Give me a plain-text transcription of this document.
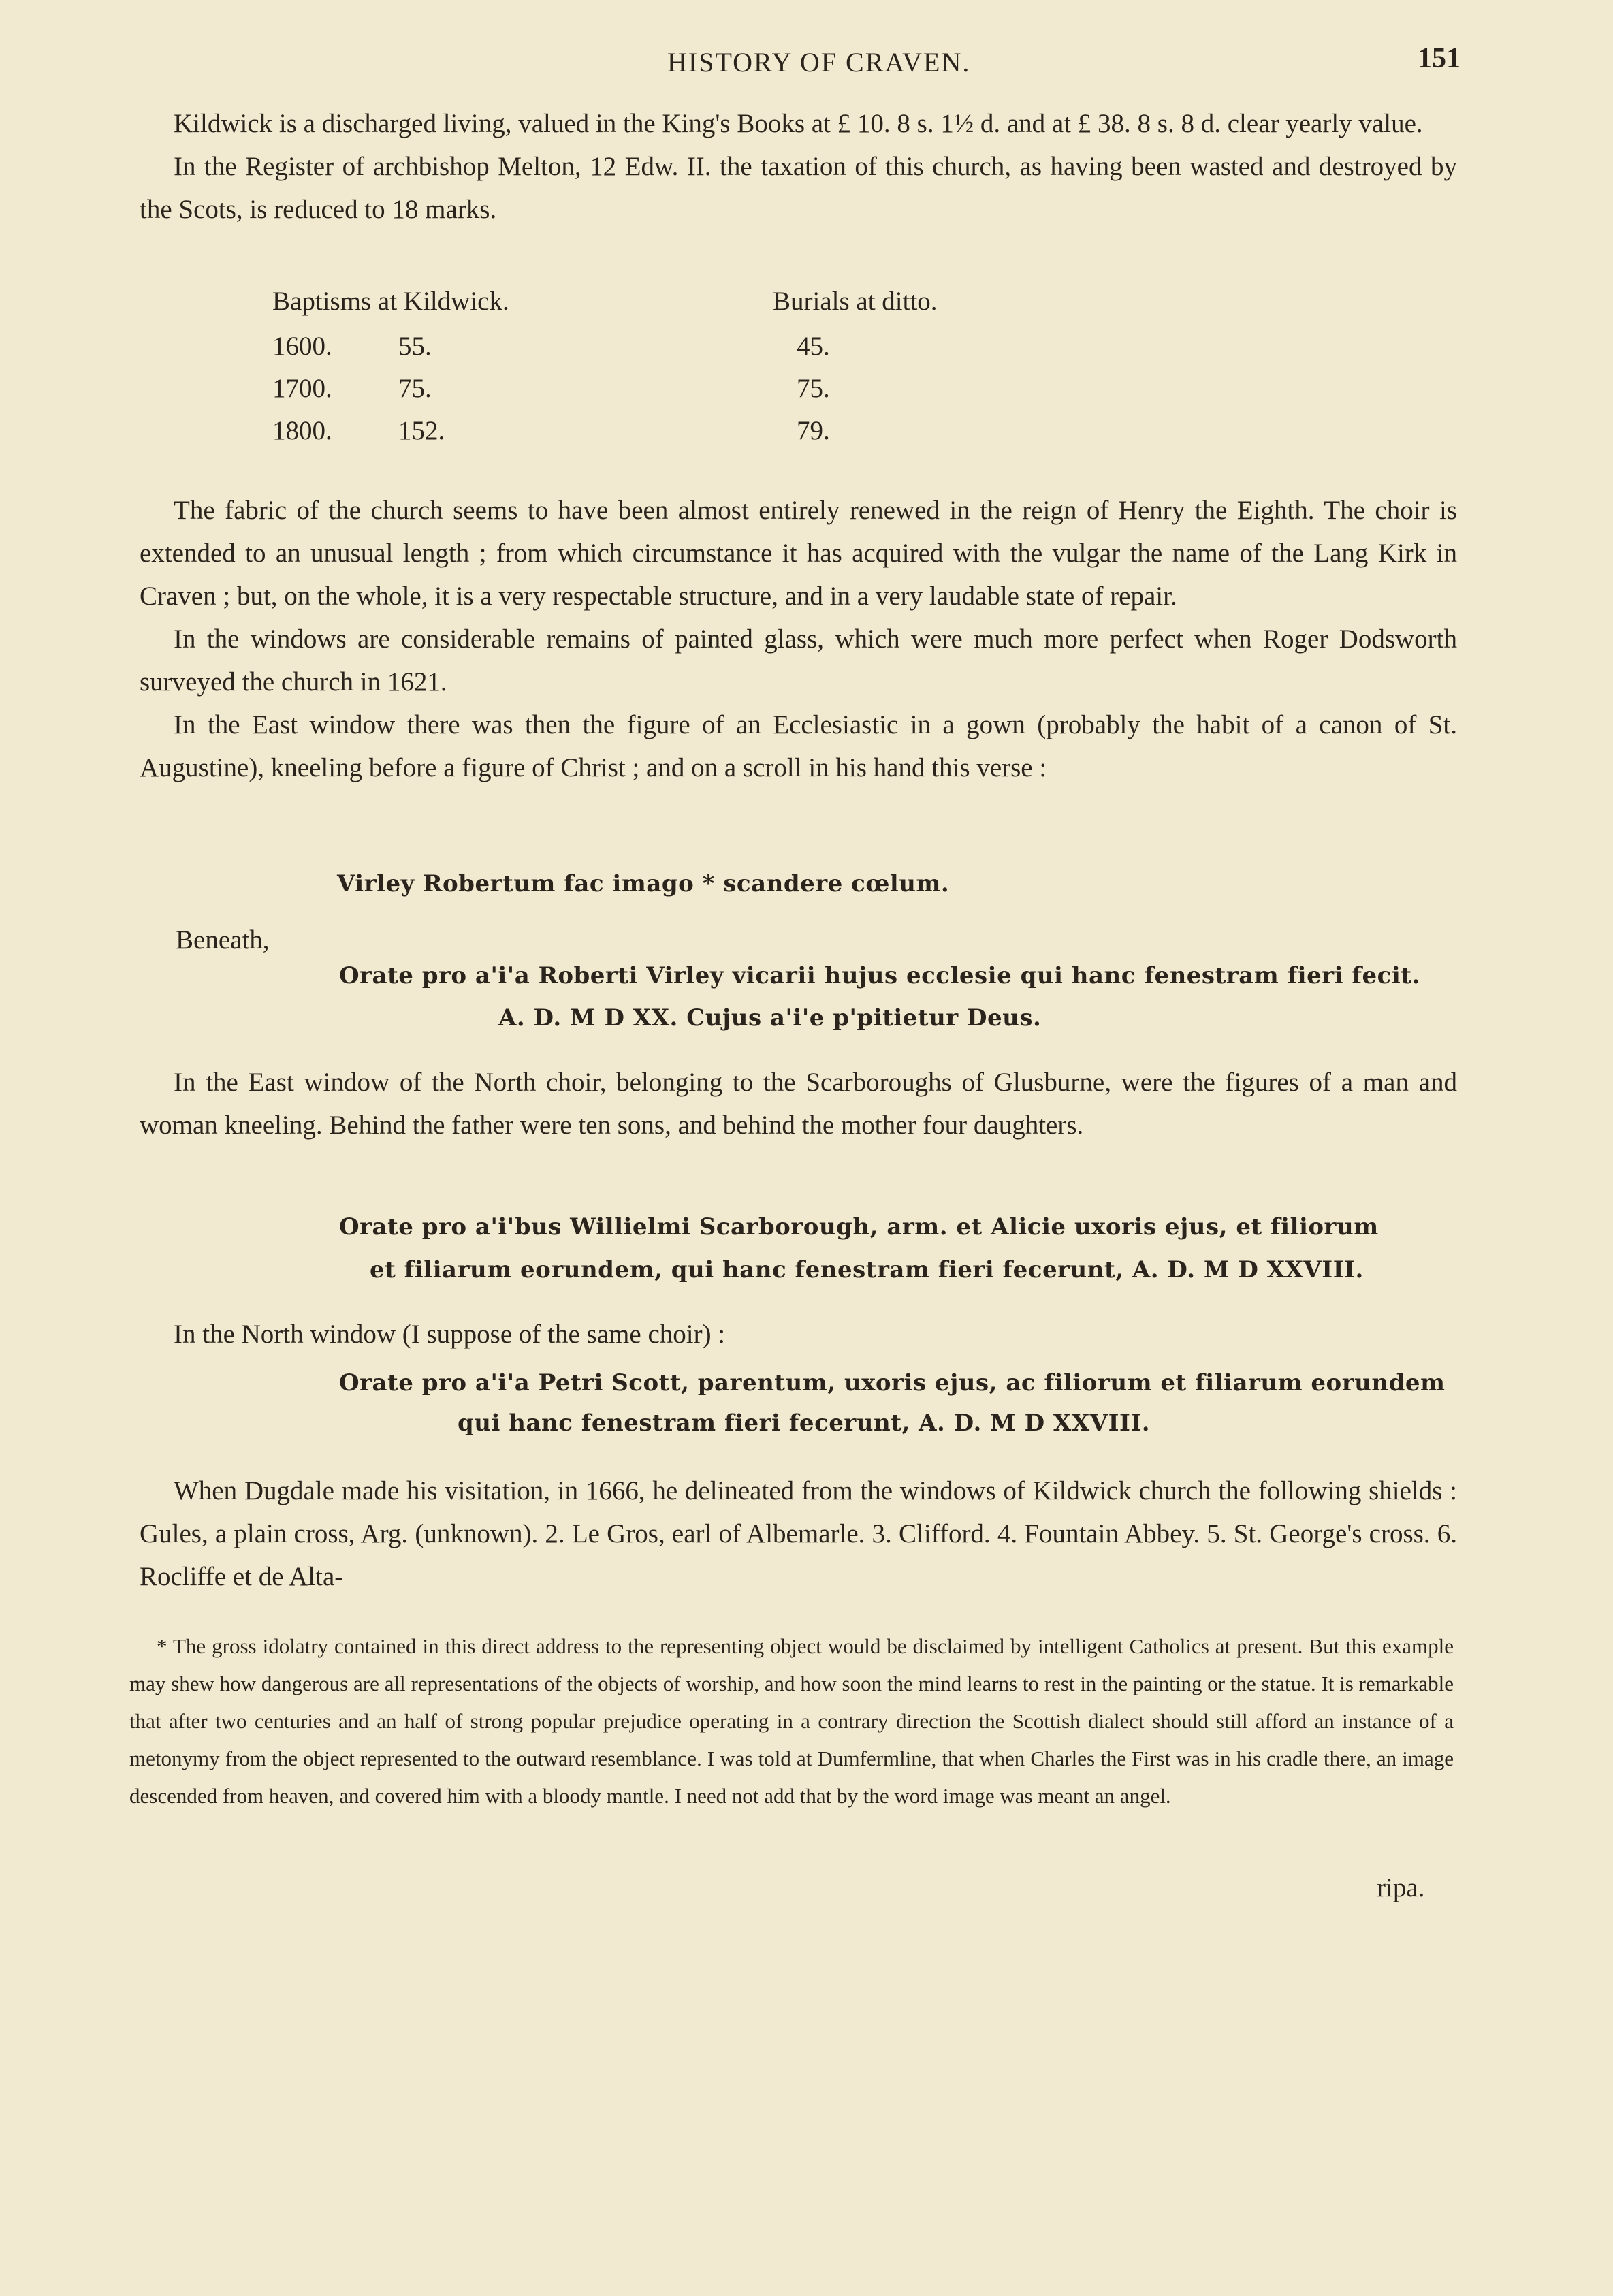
HISTORY OF CRAVEN.	151

Kildwick is a discharged living, valued in the King's Books at £ 10. 8 s. 1½ d. and at £ 38. 8 s. 8 d. clear yearly value.

In the Register of archbishop Melton, 12 Edw. II. the taxation of this church, as having been wasted and destroyed by the Scots, is reduced to 18 marks.

Baptisms at Kildwick.	Burials at ditto.
1600. 55.	45.
1700. 75.	75.
1800. 152.	79.

The fabric of the church seems to have been almost entirely renewed in the reign of Henry the Eighth. The choir is extended to an unusual length ; from which circumstance it has acquired with the vulgar the name of the Lang Kirk in Craven ; but, on the whole, it is a very respectable structure, and in a very laudable state of repair.

In the windows are considerable remains of painted glass, which were much more perfect when Roger Dodsworth surveyed the church in 1621.

In the East window there was then the figure of an Ecclesiastic in a gown (probably the habit of a canon of St. Augustine), kneeling before a figure of Christ ; and on a scroll in his hand this verse :

Virley Robertum fac imago * scandere cœlum.
Beneath,
Orate pro a'i'a Roberti Virley vicarii hujus ecclesie qui hanc fenestram fieri fecit.
A. D. M D XX. Cujus a'i'e p'pitietur Deus.

In the East window of the North choir, belonging to the Scarboroughs of Glusburne, were the figures of a man and woman kneeling. Behind the father were ten sons, and behind the mother four daughters.

Orate pro a'i'bus Willielmi Scarborough, arm. et Alicie uxoris ejus, et filiorum
et filiarum eorundem, qui hanc fenestram fieri fecerunt, A. D. M D XXVIII.

In the North window (I suppose of the same choir) :

Orate pro a'i'a Petri Scott, parentum, uxoris ejus, ac filiorum et filiarum eorundem
qui hanc fenestram fieri fecerunt, A. D. M D XXVIII.

When Dugdale made his visitation, in 1666, he delineated from the windows of Kildwick church the following shields : Gules, a plain cross, Arg. (unknown). 2. Le Gros, earl of Albemarle. 3. Clifford. 4. Fountain Abbey. 5. St. George's cross. 6. Rocliffe et de Alta-

* The gross idolatry contained in this direct address to the representing object would be disclaimed by intelligent Catholics at present. But this example may shew how dangerous are all representations of the objects of worship, and how soon the mind learns to rest in the painting or the statue. It is remarkable that after two centuries and an half of strong popular prejudice operating in a contrary direction the Scottish dialect should still afford an instance of a metonymy from the object represented to the outward resemblance. I was told at Dumfermline, that when Charles the First was in his cradle there, an image descended from heaven, and covered him with a bloody mantle. I need not add that by the word image was meant an angel.

ripa.
